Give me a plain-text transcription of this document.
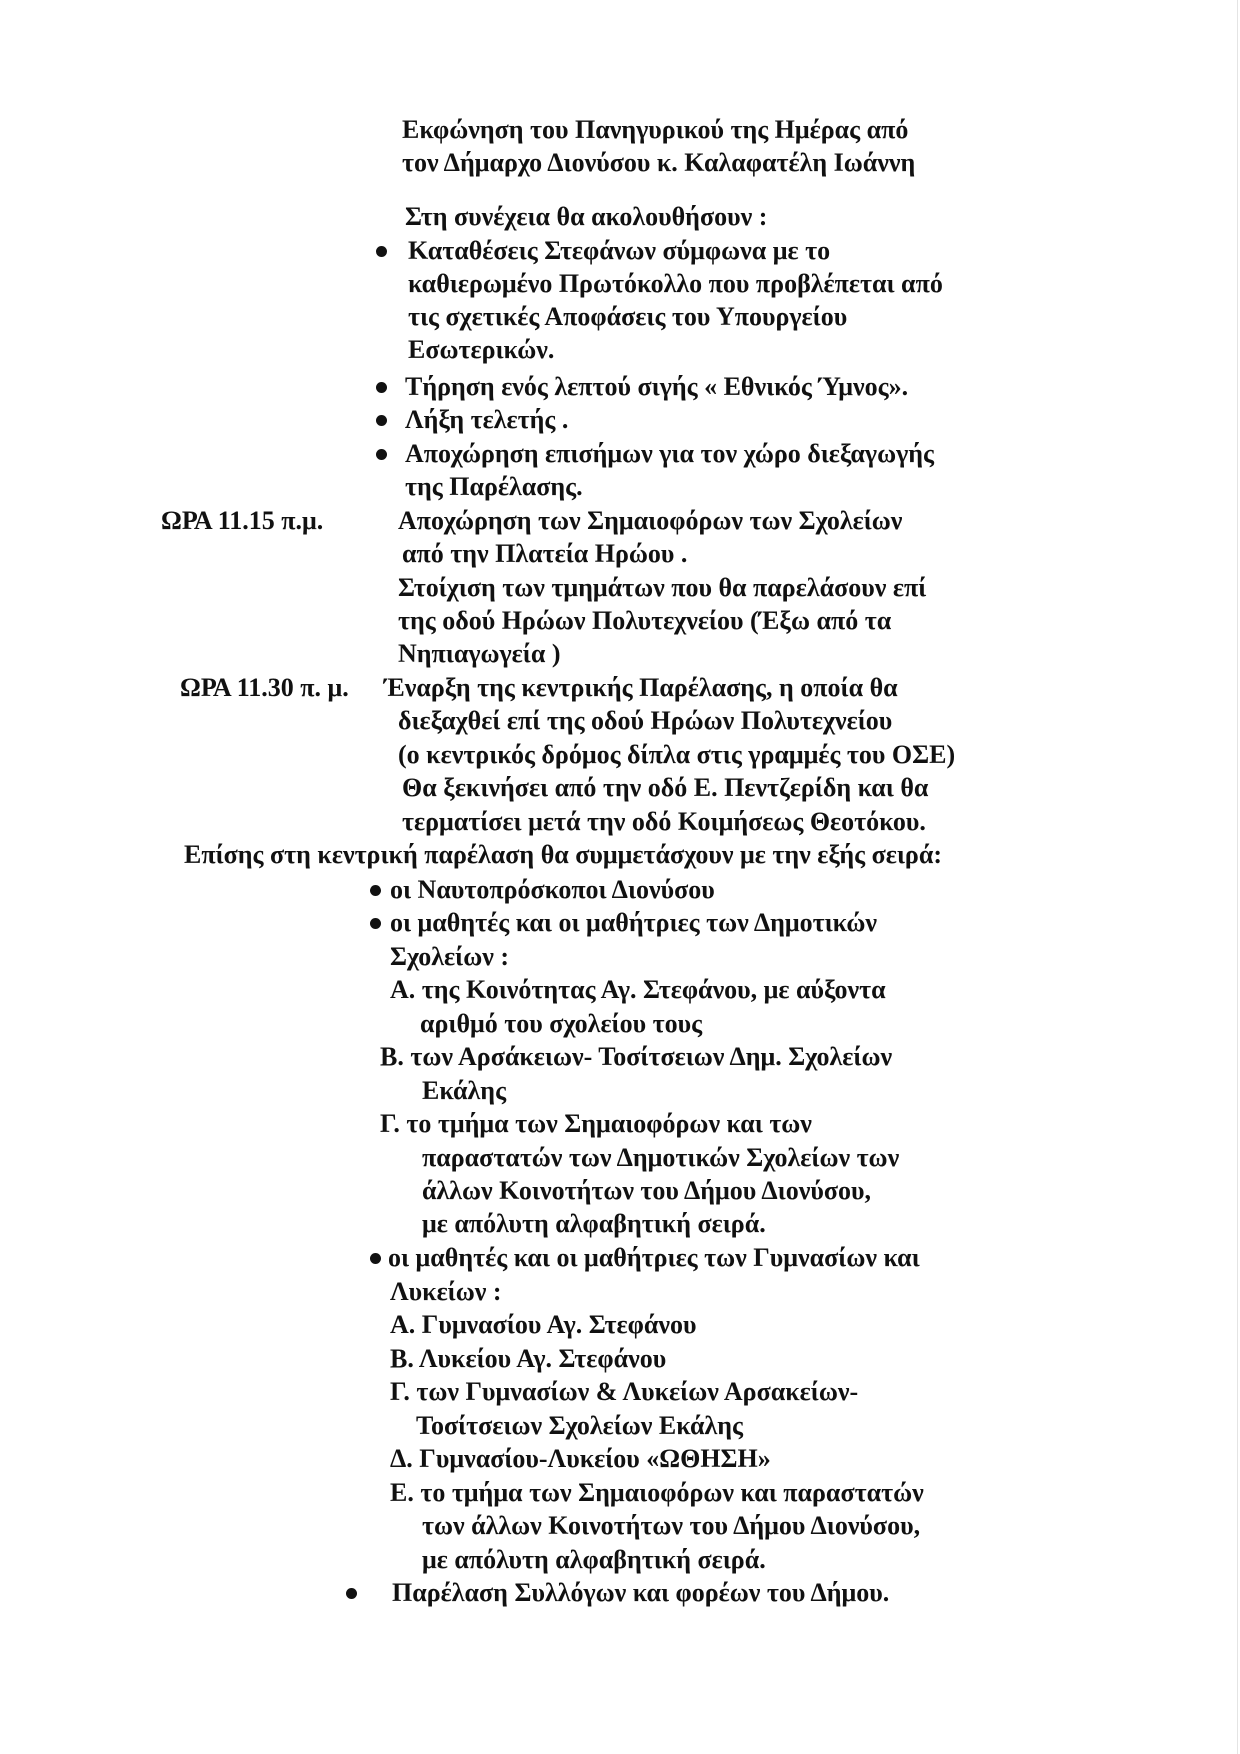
Εκφώνηση του Πανηγυρικού της Ημέρας από
τον Δήμαρχο Διονύσου κ. Καλαφατέλη Ιωάννη
Στη συνέχεια θα ακολουθήσουν :
Καταθέσεις Στεφάνων σύμφωνα με το
καθιερωμένο Πρωτόκολλο που προβλέπεται από
τις σχετικές Αποφάσεις του Υπουργείου
Εσωτερικών.
Τήρηση ενός λεπτού σιγής « Εθνικός Ύμνος».
Λήξη τελετής .
Αποχώρηση επισήμων για τον χώρο διεξαγωγής
της Παρέλασης.
ΩΡΑ 11.15 π.μ.	Αποχώρηση των Σημαιοφόρων των Σχολείων
από την Πλατεία Ηρώου .
Στοίχιση των τμημάτων που θα παρελάσουν επί
της οδού Ηρώων Πολυτεχνείου (Έξω από τα
Νηπιαγωγεία )
ΩΡΑ 11.30 π. μ. Έναρξη της κεντρικής Παρέλασης, η οποία θα
διεξαχθεί επί της οδού Ηρώων Πολυτεχνείου
(ο κεντρικός δρόμος δίπλα στις γραμμές του ΟΣΕ)
Θα ξεκινήσει από την οδό Ε. Πεντζερίδη και θα
τερματίσει μετά την οδό Κοιμήσεως Θεοτόκου.
Επίσης στη κεντρική παρέλαση θα συμμετάσχουν με την εξής σειρά:
οι Ναυτοπρόσκοποι Διονύσου
οι μαθητές και οι μαθήτριες των Δημοτικών
Σχολείων :
Α. της Κοινότητας Αγ. Στεφάνου, με αύξοντα
αριθμό του σχολείου τους
Β. των Αρσάκειων- Τοσίτσειων Δημ. Σχολείων
Εκάλης
Γ. το τμήμα των Σημαιοφόρων και των
παραστατών των Δημοτικών Σχολείων των
άλλων Κοινοτήτων του Δήμου Διονύσου,
με απόλυτη αλφαβητική σειρά.
οι μαθητές και οι μαθήτριες των Γυμνασίων και
Λυκείων :
Α. Γυμνασίου Αγ. Στεφάνου
Β. Λυκείου Αγ. Στεφάνου
Γ. των Γυμνασίων & Λυκείων Αρσακείων-
Τοσίτσειων Σχολείων Εκάλης
Δ. Γυμνασίου-Λυκείου «ΩΘΗΣΗ»
Ε. το τμήμα των Σημαιοφόρων και παραστατών
των άλλων Κοινοτήτων του Δήμου Διονύσου,
με απόλυτη αλφαβητική σειρά.
Παρέλαση Συλλόγων και φορέων του Δήμου.
